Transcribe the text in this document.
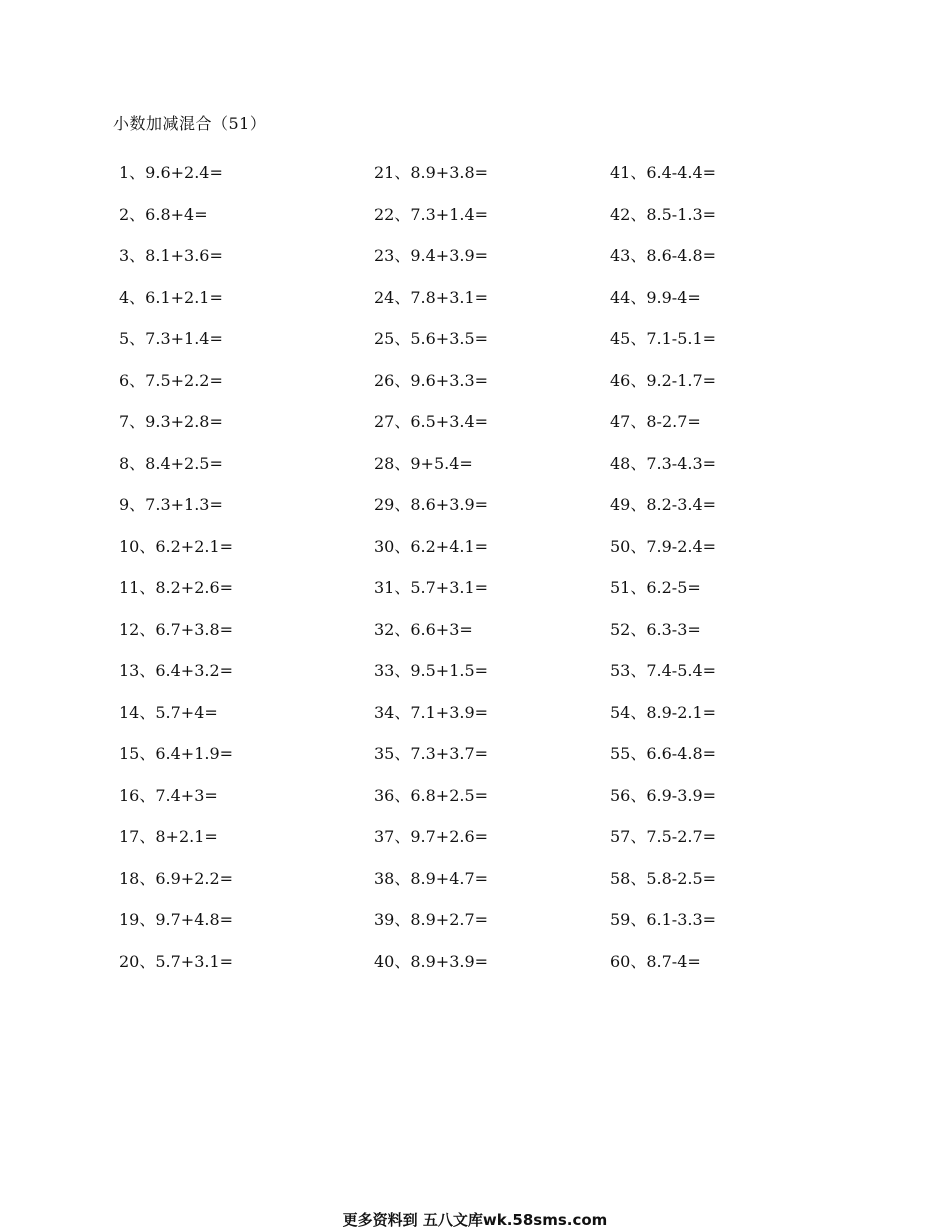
小数加减混合（51）
1、9.6+2.4=
2、6.8+4=
3、8.1+3.6=
4、6.1+2.1=
5、7.3+1.4=
6、7.5+2.2=
7、9.3+2.8=
8、8.4+2.5=
9、7.3+1.3=
10、6.2+2.1=
11、8.2+2.6=
12、6.7+3.8=
13、6.4+3.2=
14、5.7+4=
15、6.4+1.9=
16、7.4+3=
17、8+2.1=
18、6.9+2.2=
19、9.7+4.8=
20、5.7+3.1=
21、8.9+3.8=
22、7.3+1.4=
23、9.4+3.9=
24、7.8+3.1=
25、5.6+3.5=
26、9.6+3.3=
27、6.5+3.4=
28、9+5.4=
29、8.6+3.9=
30、6.2+4.1=
31、5.7+3.1=
32、6.6+3=
33、9.5+1.5=
34、7.1+3.9=
35、7.3+3.7=
36、6.8+2.5=
37、9.7+2.6=
38、8.9+4.7=
39、8.9+2.7=
40、8.9+3.9=
41、6.4-4.4=
42、8.5-1.3=
43、8.6-4.8=
44、9.9-4=
45、7.1-5.1=
46、9.2-1.7=
47、8-2.7=
48、7.3-4.3=
49、8.2-3.4=
50、7.9-2.4=
51、6.2-5=
52、6.3-3=
53、7.4-5.4=
54、8.9-2.1=
55、6.6-4.8=
56、6.9-3.9=
57、7.5-2.7=
58、5.8-2.5=
59、6.1-3.3=
60、8.7-4=
更多资料到 五八文库wk.58sms.com
